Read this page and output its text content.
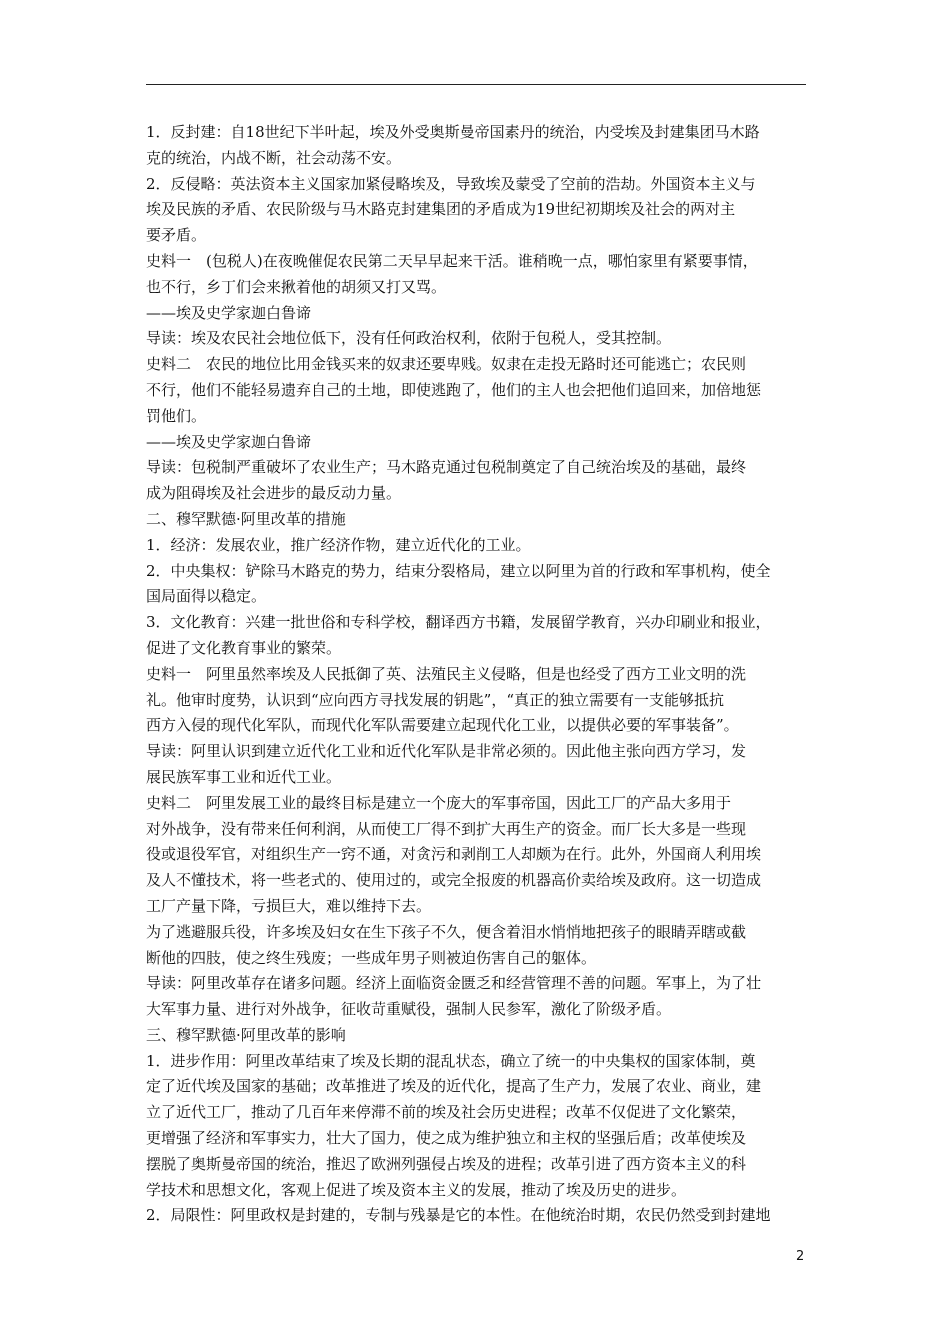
1．反封建：自18世纪下半叶起，埃及外受奥斯曼帝国素丹的统治，内受埃及封建集团马木路
克的统治，内战不断，社会动荡不安。
2．反侵略：英法资本主义国家加紧侵略埃及，导致埃及蒙受了空前的浩劫。外国资本主义与
埃及民族的矛盾、农民阶级与马木路克封建集团的矛盾成为19世纪初期埃及社会的两对主
要矛盾。
史料一　(包税人)在夜晚催促农民第二天早早起来干活。谁稍晚一点，哪怕家里有紧要事情，
也不行，乡丁们会来揪着他的胡须又打又骂。
——埃及史学家迦白鲁谛
导读：埃及农民社会地位低下，没有任何政治权利，依附于包税人，受其控制。
史料二　农民的地位比用金钱买来的奴隶还要卑贱。奴隶在走投无路时还可能逃亡；农民则
不行，他们不能轻易遗弃自己的土地，即使逃跑了，他们的主人也会把他们追回来，加倍地惩
罚他们。
——埃及史学家迦白鲁谛
导读：包税制严重破坏了农业生产；马木路克通过包税制奠定了自己统治埃及的基础，最终
成为阻碍埃及社会进步的最反动力量。
二、穆罕默德·阿里改革的措施
1．经济：发展农业，推广经济作物，建立近代化的工业。
2．中央集权：铲除马木路克的势力，结束分裂格局，建立以阿里为首的行政和军事机构，使全
国局面得以稳定。
3．文化教育：兴建一批世俗和专科学校，翻译西方书籍，发展留学教育，兴办印刷业和报业，
促进了文化教育事业的繁荣。
史料一　阿里虽然率埃及人民抵御了英、法殖民主义侵略，但是也经受了西方工业文明的洗
礼。他审时度势，认识到“应向西方寻找发展的钥匙”，“真正的独立需要有一支能够抵抗
西方入侵的现代化军队，而现代化军队需要建立起现代化工业，以提供必要的军事装备”。
导读：阿里认识到建立近代化工业和近代化军队是非常必须的。因此他主张向西方学习，发
展民族军事工业和近代工业。
史料二　阿里发展工业的最终目标是建立一个庞大的军事帝国，因此工厂的产品大多用于
对外战争，没有带来任何利润，从而使工厂得不到扩大再生产的资金。而厂长大多是一些现
役或退役军官，对组织生产一窍不通，对贪污和剥削工人却颇为在行。此外，外国商人利用埃
及人不懂技术，将一些老式的、使用过的，或完全报废的机器高价卖给埃及政府。这一切造成
工厂产量下降，亏损巨大，难以维持下去。
为了逃避服兵役，许多埃及妇女在生下孩子不久，便含着泪水悄悄地把孩子的眼睛弄瞎或截
断他的四肢，使之终生残废；一些成年男子则被迫伤害自己的躯体。
导读：阿里改革存在诸多问题。经济上面临资金匮乏和经营管理不善的问题。军事上，为了壮
大军事力量、进行对外战争，征收苛重赋役，强制人民参军，激化了阶级矛盾。
三、穆罕默德·阿里改革的影响
1．进步作用：阿里改革结束了埃及长期的混乱状态，确立了统一的中央集权的国家体制，奠
定了近代埃及国家的基础；改革推进了埃及的近代化，提高了生产力，发展了农业、商业，建
立了近代工厂，推动了几百年来停滞不前的埃及社会历史进程；改革不仅促进了文化繁荣，
更增强了经济和军事实力，壮大了国力，使之成为维护独立和主权的坚强后盾；改革使埃及
摆脱了奥斯曼帝国的统治，推迟了欧洲列强侵占埃及的进程；改革引进了西方资本主义的科
学技术和思想文化，客观上促进了埃及资本主义的发展，推动了埃及历史的进步。
2．局限性：阿里政权是封建的，专制与残暴是它的本性。在他统治时期，农民仍然受到封建地
2
